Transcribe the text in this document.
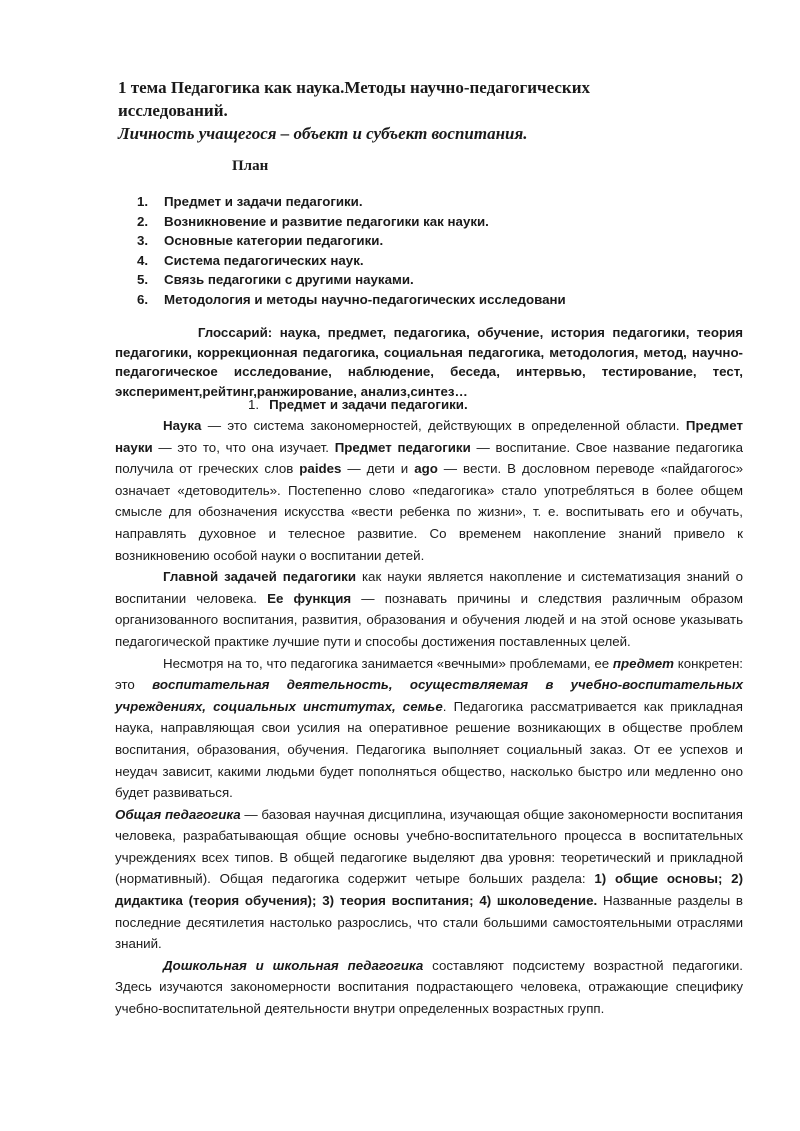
1 тема Педагогика как наука.Методы научно-педагогических
исследований.
Личность учащегося – объект и субъект воспитания.

План

1.	Предмет и задачи педагогики.
2.	Возникновение и развитие педагогики как науки.
3.	Основные категории педагогики.
4.	Система педагогических наук.
5.	Связь педагогики с другими науками.
6.	Методология и методы научно-педагогических исследовани

Глоссарий: наука, предмет, педагогика, обучение, история педагогики, теория педагогики, коррекционная педагогика, социальная педагогика, методология, метод, научно-педагогическое исследование, наблюдение, беседа, интервью, тестирование, тест, эксперимент,рейтинг,ранжирование, анализ,синтез…

1. Предмет и задачи педагогики.

Наука — это система закономерностей, действующих в определенной области. Предмет науки — это то, что она изучает. Предмет педагогики — воспитание. Свое название педагогика получила от греческих слов paides — дети и ago — вести. В дословном переводе «пайдагогос» означает «детоводитель». Постепенно слово «педагогика» стало употребляться в более общем смысле для обозначения искусства «вести ребенка по жизни», т. е. воспитывать его и обучать, направлять духовное и телесное развитие. Со временем накопление знаний привело к возникновению особой науки о воспитании детей.

Главной задачей педагогики как науки является накопление и систематизация знаний о воспитании человека. Ее функция — познавать причины и следствия различным образом организованного воспитания, развития, образования и обучения людей и на этой основе указывать педагогической практике лучшие пути и способы достижения поставленных целей.

Несмотря на то, что педагогика занимается «вечными» проблемами, ее предмет конкретен: это воспитательная деятельность, осуществляемая в учебно-воспитательных учреждениях, социальных институтах, семье. Педагогика рассматривается как прикладная наука, направляющая свои усилия на оперативное решение возникающих в обществе проблем воспитания, образования, обучения. Педагогика выполняет социальный заказ. От ее успехов и неудач зависит, какими людьми будет пополняться общество, насколько быстро или медленно оно будет развиваться.

Общая педагогика — базовая научная дисциплина, изучающая общие закономерности воспитания человека, разрабатывающая общие основы учебно-воспитательного процесса в воспитательных учреждениях всех типов. В общей педагогике выделяют два уровня: теоретический и прикладной (нормативный). Общая педагогика содержит четыре больших раздела: 1) общие основы; 2) дидактика (теория обучения); 3) теория воспитания; 4) школоведение. Названные разделы в последние десятилетия настолько разрослись, что стали большими самостоятельными отраслями знаний.

Дошкольная и школьная педагогика составляют подсистему возрастной педагогики. Здесь изучаются закономерности воспитания подрастающего человека, отражающие специфику учебно-воспитательной деятельности внутри определенных возрастных групп.
